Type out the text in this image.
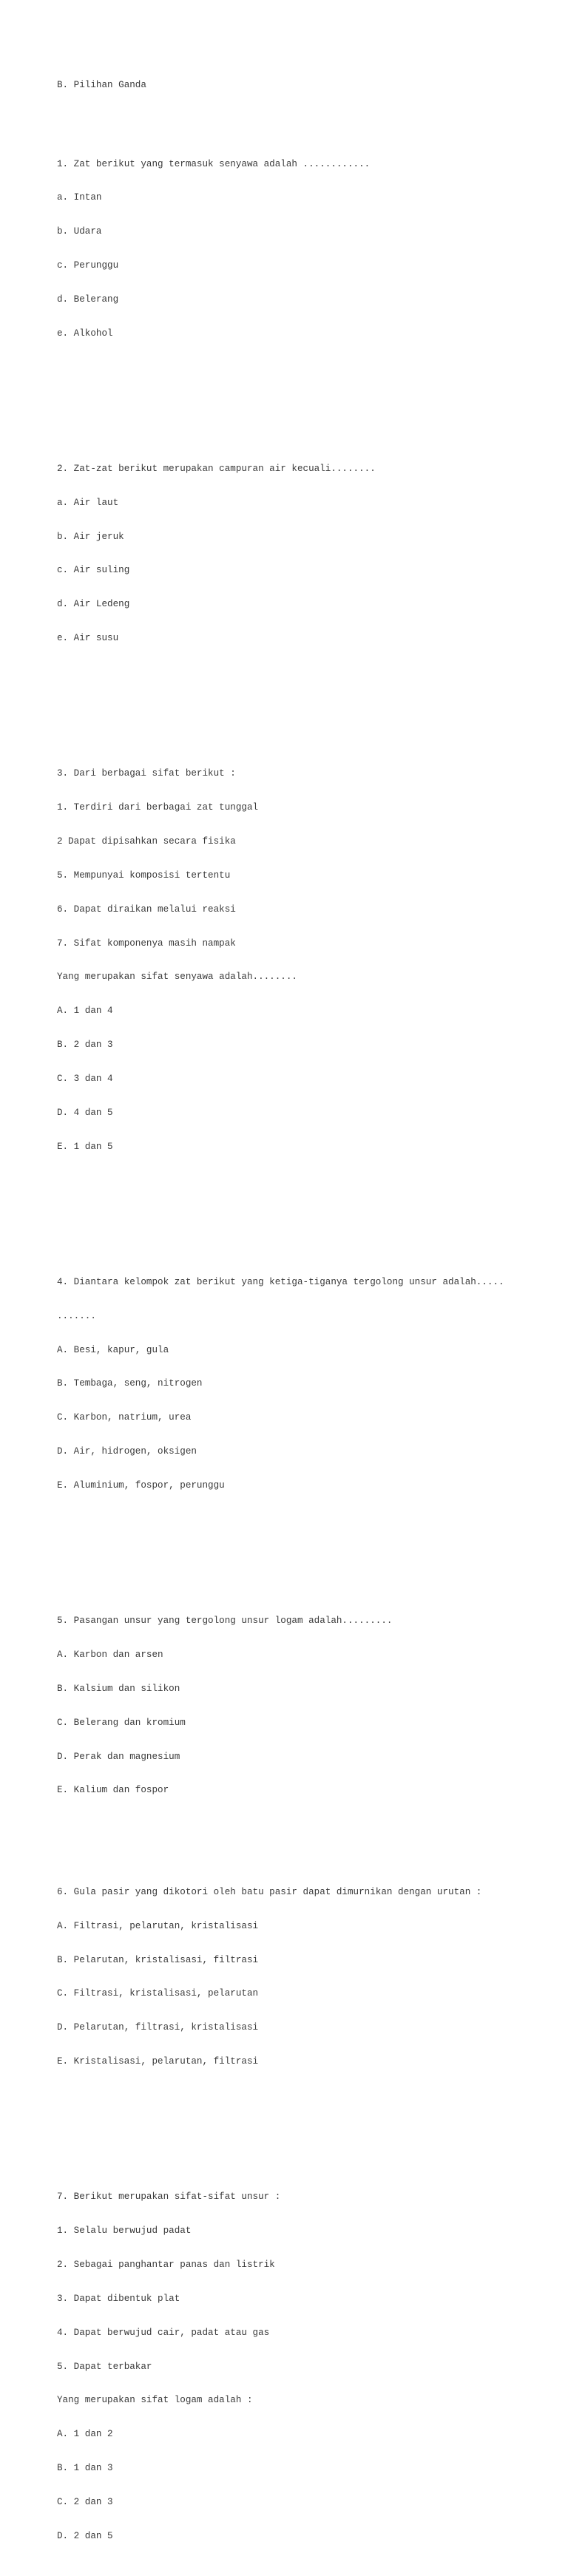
B. Pilihan Ganda

1. Zat berikut yang termasuk senyawa adalah ............

a. Intan

b. Udara

c. Perunggu

d. Belerang

e. Alkohol

2. Zat-zat berikut merupakan campuran air kecuali........

a. Air laut

b. Air jeruk

c. Air suling

d. Air Ledeng

e. Air susu

3. Dari berbagai sifat berikut :

1. Terdiri dari berbagai zat tunggal

2 Dapat dipisahkan secara fisika

5. Mempunyai komposisi tertentu

6. Dapat diraikan melalui reaksi

7. Sifat komponenya masih nampak

Yang merupakan sifat senyawa adalah........

A. 1 dan 4

B. 2 dan 3

C. 3 dan 4

D. 4 dan 5

E. 1 dan 5

4. Diantara kelompok zat berikut yang ketiga-tiganya tergolong unsur adalah.....

.......

A. Besi, kapur, gula

B. Tembaga, seng, nitrogen

C. Karbon, natrium, urea

D. Air, hidrogen, oksigen

E. Aluminium, fospor, perunggu

5. Pasangan unsur yang tergolong unsur logam adalah.........

A. Karbon dan arsen

B. Kalsium dan silikon

C. Belerang dan kromium

D. Perak dan magnesium

E. Kalium dan fospor

6. Gula pasir yang dikotori oleh batu pasir dapat dimurnikan dengan urutan :

A. Filtrasi, pelarutan, kristalisasi

B. Pelarutan, kristalisasi, filtrasi

C. Filtrasi, kristalisasi, pelarutan

D. Pelarutan, filtrasi, kristalisasi

E. Kristalisasi, pelarutan, filtrasi

7. Berikut merupakan sifat-sifat unsur :

1. Selalu berwujud padat

2. Sebagai panghantar panas dan listrik

3. Dapat dibentuk plat

4. Dapat berwujud cair, padat atau gas

5. Dapat terbakar

Yang merupakan sifat logam adalah :

A. 1 dan 2

B. 1 dan 3

C. 2 dan 3

D. 2 dan 5
